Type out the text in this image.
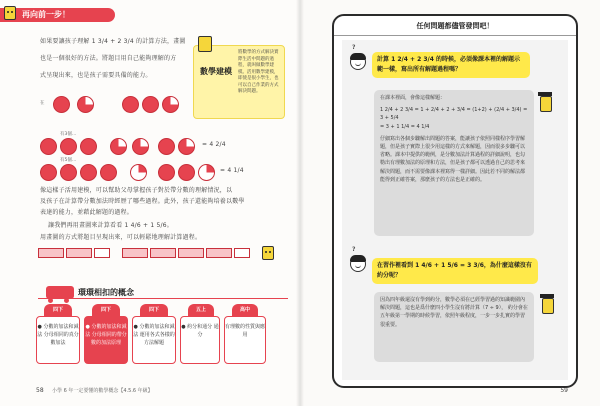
再向前一步！
如果要讓孩子理解 1 3/4 + 2 3/4 的計算方法，畫圖
也是一個很好的方法。將題目用自己能夠理解的方
式呈現出來，也是孩子需要具備的能力。	數學建模
將數學的方式解決實際生活中問題的過程，就叫做數學建模。活用數學建模，即使是很小學生，也可以自己作業的方式解決問題。
在
有3個…
= 4 2/4
有5個…
= 4 1/4
像這樣子活用建模，可以幫助父母掌握孩子對於帶分數的理解情況，以
及孩子在計算帶分數加法時經歷了哪些過程。此外，孩子還能夠培養以數學
表達的能力，並藉此解題的過程。
讓我們再用畫圖來計算看看 1 4/6 + 1 5/6。
用畫圖的方式將題目呈現出來，可以輕鬆地理解計算過程。
環環相扣的概念
四下
● 分數的加法和減法 分母相同的真分數加法
四下
● 分數的加法和減法 分母相同的帶分數的加法原理
四下
● 分數的加法和減法 運用各式各樣的方法解題
五上
● 約分和通分 通分
高中
有理數的性質與應用
58 小學 6 年一定要懂的數學概念【4.5.6 年級】
任何問題都儘管發問吧！
?
計算 1 2/4 + 2 3/4 的時候，必須像課本裡的解題示範一樣，寫出所有解題過程嗎？
在課本裡面，會像這樣解題：
1 2/4 + 2 3/4 = 1 + 2/4 + 2 + 3/4 = (1+2) + (2/4 + 3/4) = 3 + 5/4
= 3 + 1 1/4 = 4 1/4
仔細寫出各個步驟解出問題的答案，能讓孩子依照同樣程序學習解題，但是孩子實際上很少用這樣的方式來解題，因而很多步驟可以省略。課本中提供的範例，是分數加法計算過程的詳細說明，也勾勒出有理數加法的原理和方法，但是孩子都可以透過自己的思考來解決問題，而不需要像課本裡寫得一樣詳細。因此若不同的解法都能得到正確答案，那麼孩子的方法也是正確的。
?
在習作裡看到 1 4/6 + 1 5/6 = 3 3/6，為什麼這樣沒有約分呢？
因為四年級還沒有學到約分，數學必須在已經學習過的知識範圍內解決問題，這也是爲什麼四小學生沒有將計算（7 ÷ 9）， 約分會在五年級第一學期的時候學習，依照年級程度，一步一步扎實的學習很重要。
59
